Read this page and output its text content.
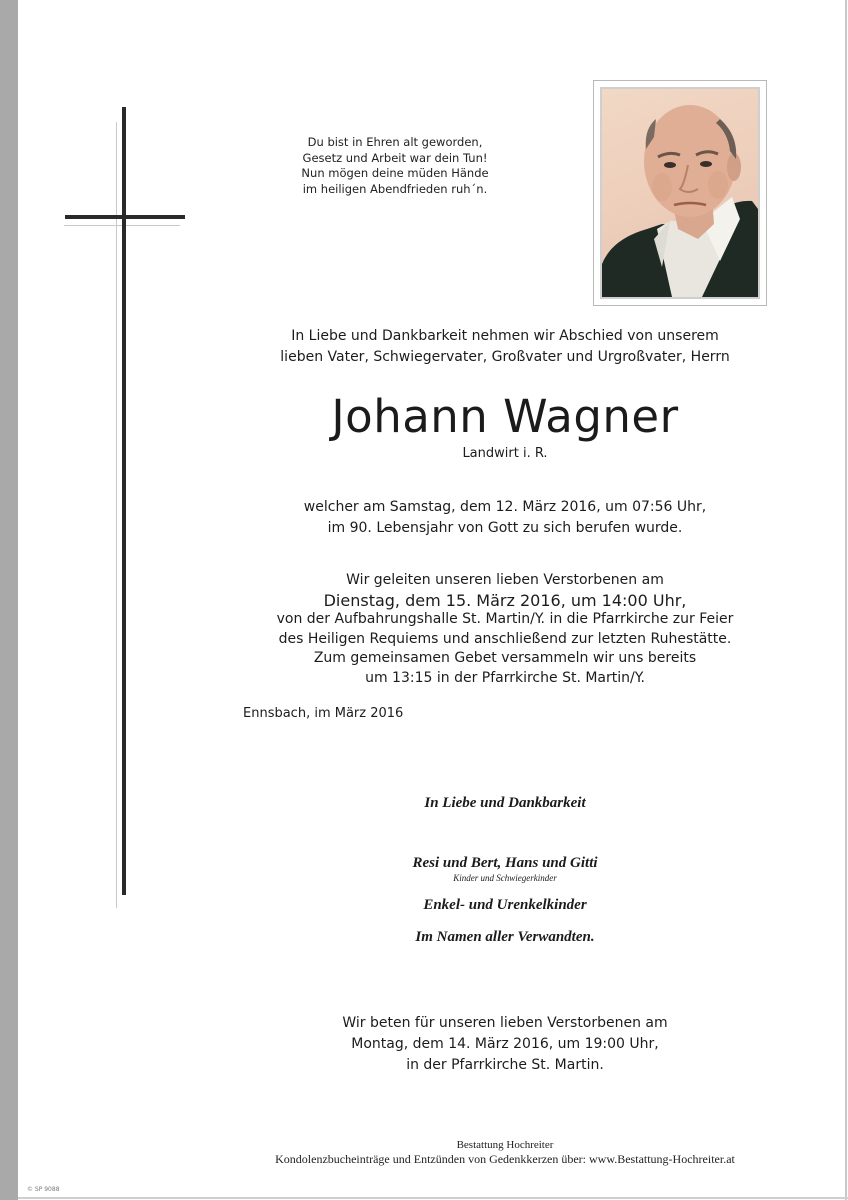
Du bist in Ehren alt geworden,
Gesetz und Arbeit war dein Tun!
Nun mögen deine müden Hände
im heiligen Abendfrieden ruh´n.
In Liebe und Dankbarkeit nehmen wir Abschied von unserem
lieben Vater, Schwiegervater, Großvater und Urgroßvater, Herrn
Johann Wagner
Landwirt i. R.
welcher am Samstag, dem 12. März 2016, um 07:56 Uhr,
im 90. Lebensjahr von Gott zu sich berufen wurde.
Wir geleiten unseren lieben Verstorbenen am
Dienstag, dem 15. März 2016, um 14:00 Uhr,
von der Aufbahrungshalle St. Martin/Y. in die Pfarrkirche zur Feier
des Heiligen Requiems und anschließend zur letzten Ruhestätte.
Zum gemeinsamen Gebet versammeln wir uns bereits
um 13:15 in der Pfarrkirche St. Martin/Y.
Ennsbach, im März 2016
In Liebe und Dankbarkeit
Resi und Bert, Hans und Gitti
Kinder und Schwiegerkinder
Enkel- und Urenkelkinder
Im Namen aller Verwandten.
Wir beten für unseren lieben Verstorbenen am
Montag, dem 14. März 2016, um 19:00 Uhr,
in der Pfarrkirche St. Martin.
Bestattung Hochreiter
Kondolenzbucheinträge und Entzünden von Gedenkkerzen über: www.Bestattung-Hochreiter.at
© SP 9088
